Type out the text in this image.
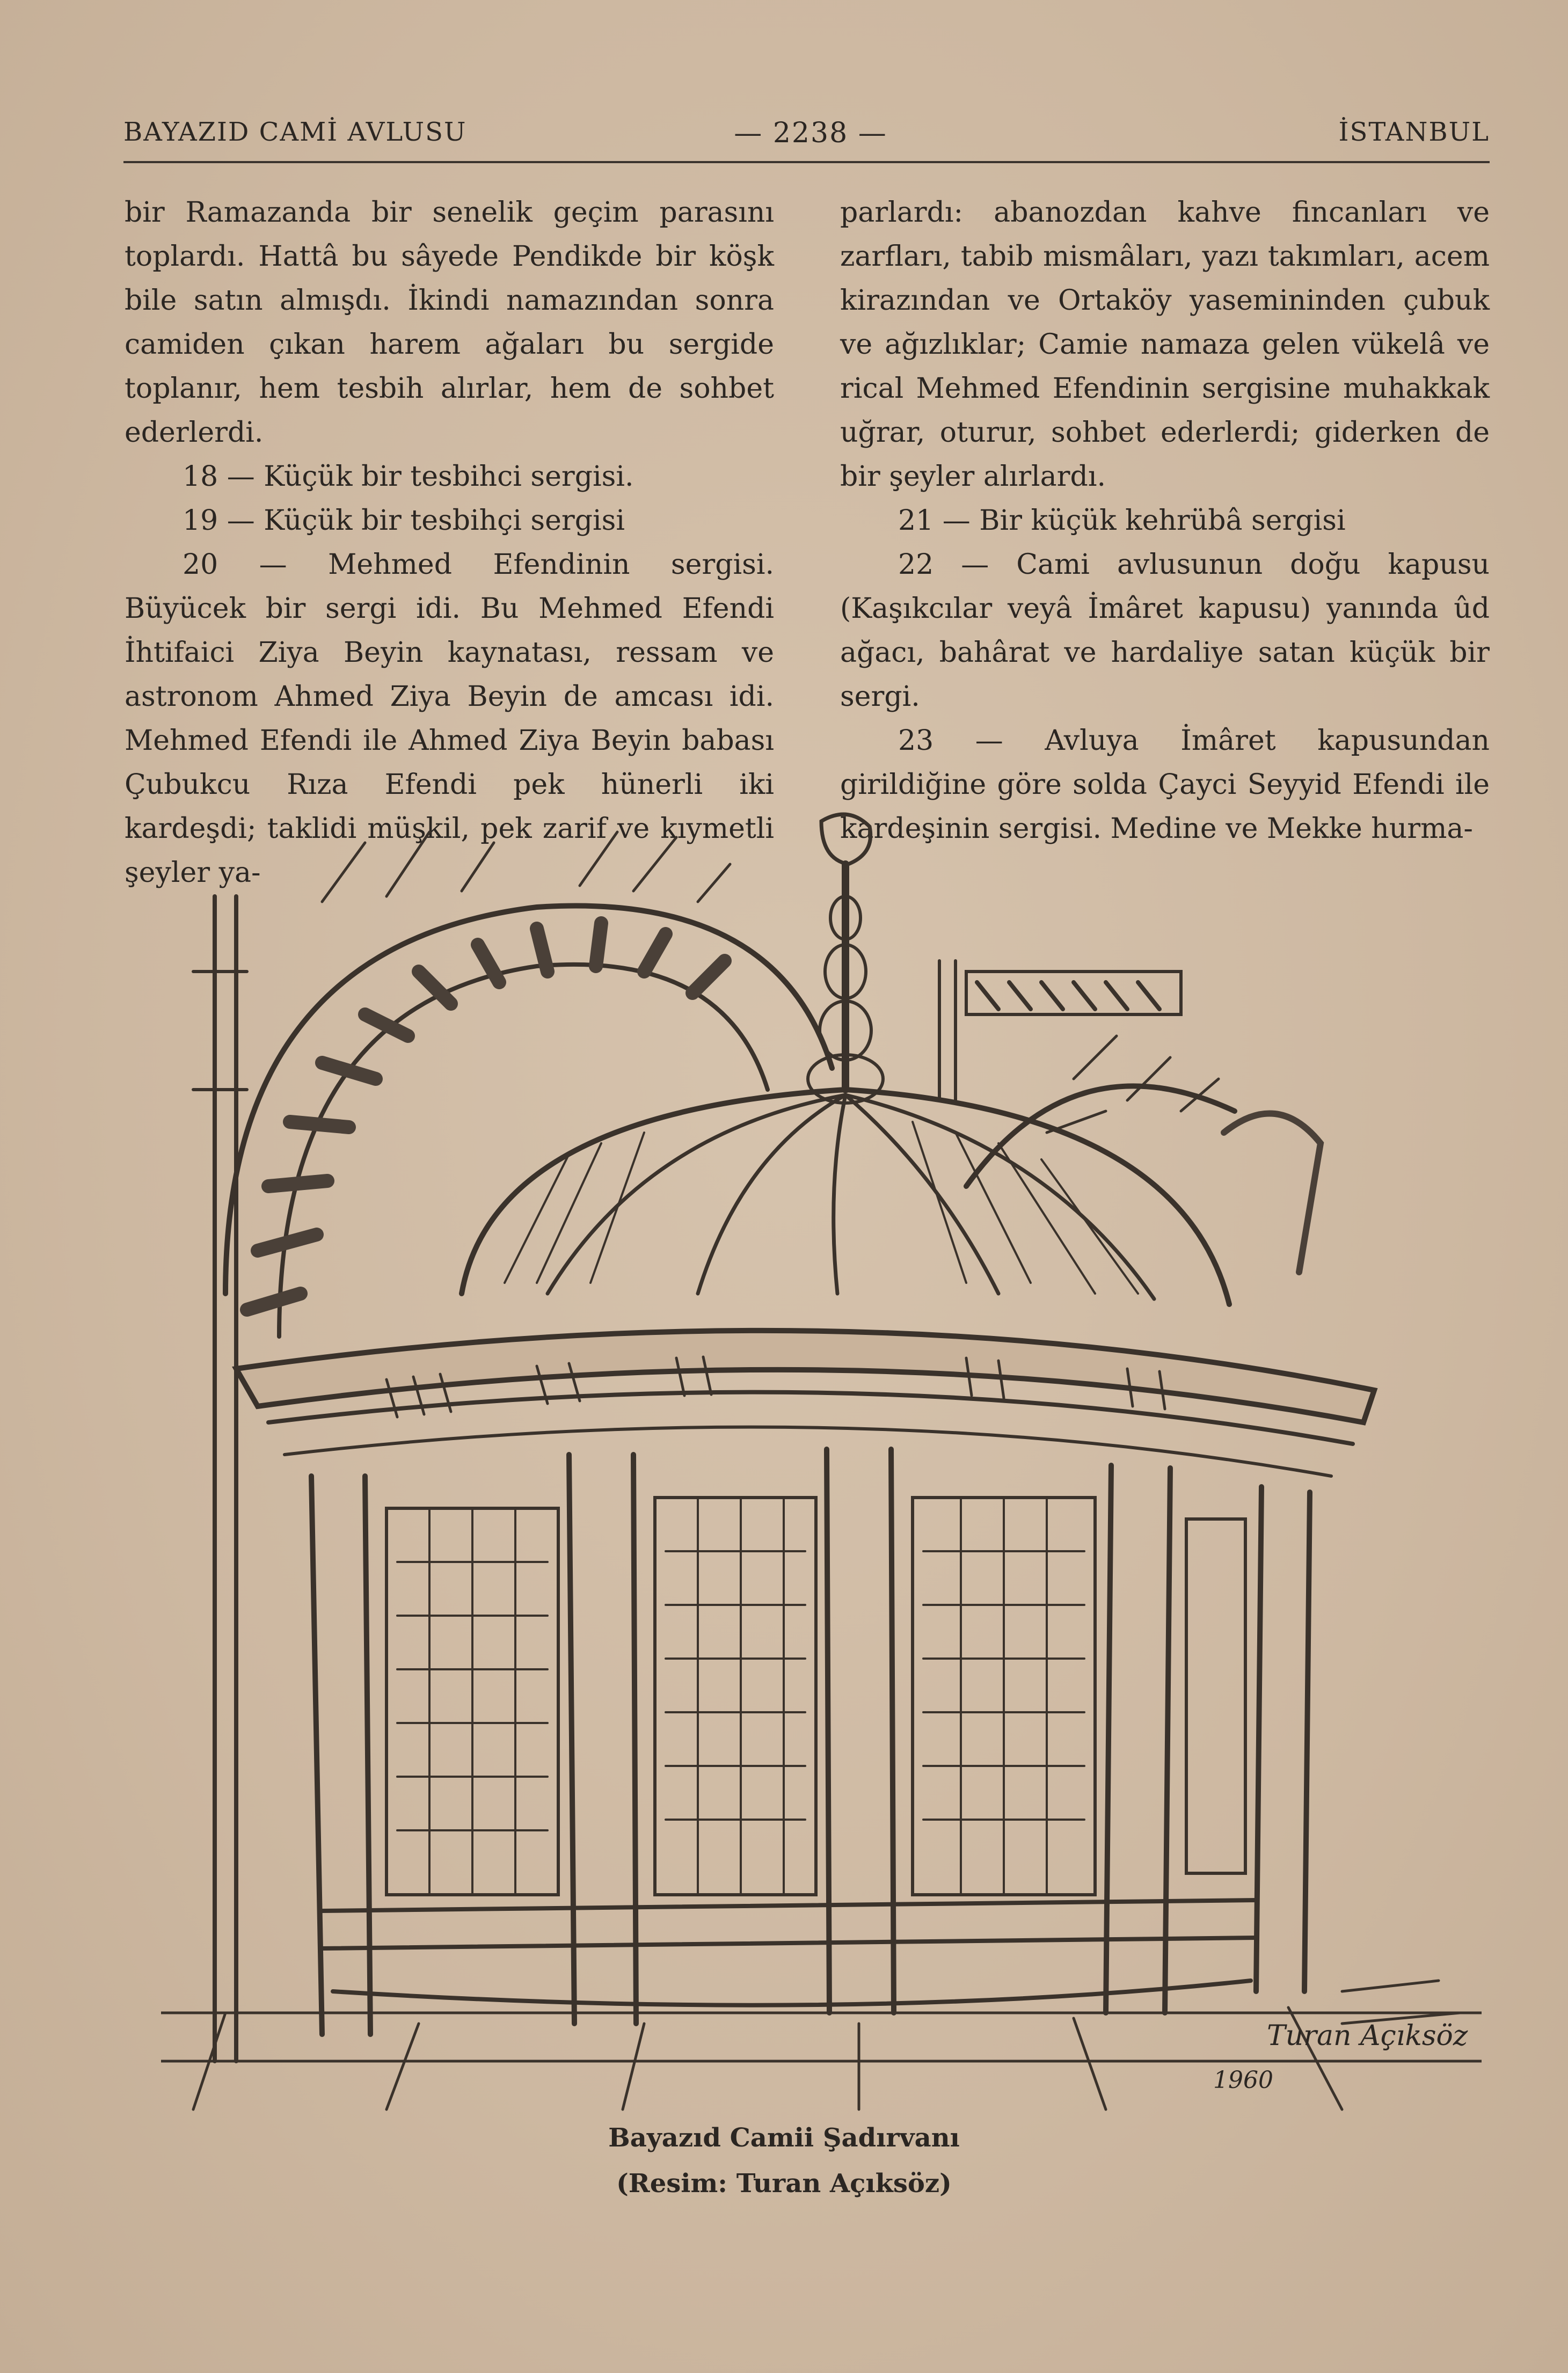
BAYAZID CAMİ AVLUSU	— 2238 —	İSTANBUL

bir Ramazanda bir senelik geçim parasını toplardı. Hattâ bu sâyede Pendikde bir köşk bile satın almışdı. İkindi namazından sonra camiden çıkan harem ağaları bu sergide toplanır, hem tesbih alırlar, hem de sohbet ederlerdi.

18 — Küçük bir tesbihci sergisi.

19 — Küçük bir tesbihçi sergisi

20 — Mehmed Efendinin sergisi. Büyücek bir sergi idi. Bu Mehmed Efendi İhtifaici Ziya Beyin kaynatası, ressam ve astronom Ahmed Ziya Beyin de amcası idi. Mehmed Efendi ile Ahmed Ziya Beyin babası Çubukcu Rıza Efendi pek hünerli iki kardeşdi; taklidi müşkil, pek zarif ve kıymetli şeyler ya-

parlardı: abanozdan kahve fincanları ve zarfları, tabib mismâları, yazı takımları, acem kirazından ve Ortaköy yasemininden çubuk ve ağızlıklar; Camie namaza gelen vükelâ ve rical Mehmed Efendinin sergisine muhakkak uğrar, oturur, sohbet ederlerdi; giderken de bir şeyler alırlardı.

21 — Bir küçük kehrübâ sergisi

22 — Cami avlusunun doğu kapusu (Kaşıkcılar veyâ İmâret kapusu) yanında ûd ağacı, bahârat ve hardaliye satan küçük bir sergi.

23 — Avluya İmâret kapusundan girildiğine göre solda Çayci Seyyid Efendi ile kardeşinin sergisi. Medine ve Mekke hurma-

Turan Açıksöz
1960
Bayazıd Camii Şadırvanı
(Resim: Turan Açıksöz)
